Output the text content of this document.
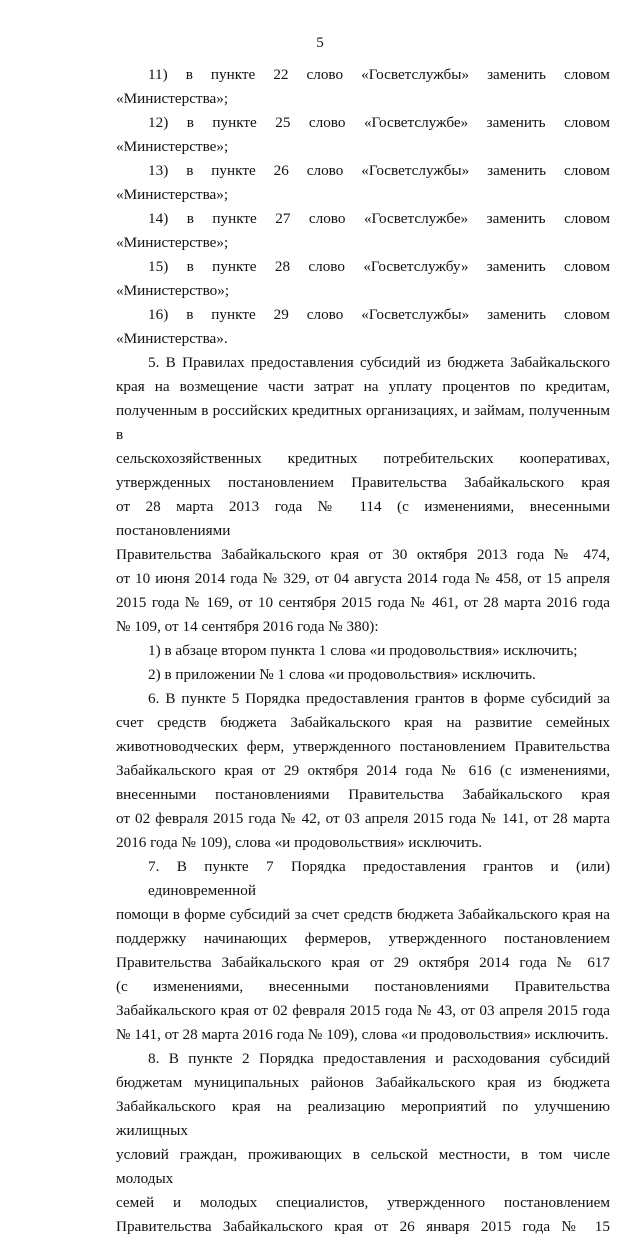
5
11) в пункте 22 слово «Госветслужбы» заменить словом
«Министерства»;
12) в пункте 25 слово «Госветслужбе» заменить словом
«Министерстве»;
13) в пункте 26 слово «Госветслужбы» заменить словом
«Министерства»;
14) в пункте 27 слово «Госветслужбе» заменить словом
«Министерстве»;
15) в пункте 28 слово «Госветслужбу» заменить словом
«Министерство»;
16) в пункте 29 слово «Госветслужбы» заменить словом
«Министерства».
5. В Правилах предоставления субсидий из бюджета Забайкальского
края на возмещение части затрат на уплату процентов по кредитам,
полученным в российских кредитных организациях, и займам, полученным в
сельскохозяйственных кредитных потребительских кооперативах,
утвержденных постановлением Правительства Забайкальского края
от 28 марта 2013 года № 114 (с изменениями, внесенными постановлениями
Правительства Забайкальского края от 30 октября 2013 года № 474,
от 10 июня 2014 года № 329, от 04 августа 2014 года № 458, от 15 апреля
2015 года № 169, от 10 сентября 2015 года № 461, от 28 марта 2016 года
№ 109, от 14 сентября 2016 года № 380):
1) в абзаце втором пункта 1 слова «и продовольствия» исключить;
2) в приложении № 1 слова «и продовольствия» исключить.
6. В пункте 5 Порядка предоставления грантов в форме субсидий за
счет средств бюджета Забайкальского края на развитие семейных
животноводческих ферм, утвержденного постановлением Правительства
Забайкальского края от 29 октября 2014 года № 616 (с изменениями,
внесенными постановлениями Правительства Забайкальского края
от 02 февраля 2015 года № 42, от 03 апреля 2015 года № 141, от 28 марта
2016 года № 109), слова «и продовольствия» исключить.
7. В пункте 7 Порядка предоставления грантов и (или) единовременной
помощи в форме субсидий за счет средств бюджета Забайкальского края на
поддержку начинающих фермеров, утвержденного постановлением
Правительства Забайкальского края от 29 октября 2014 года № 617
(с изменениями, внесенными постановлениями Правительства
Забайкальского края от 02 февраля 2015 года № 43, от 03 апреля 2015 года
№ 141, от 28 марта 2016 года № 109), слова «и продовольствия» исключить.
8. В пункте 2 Порядка предоставления и расходования субсидий
бюджетам муниципальных районов Забайкальского края из бюджета
Забайкальского края на реализацию мероприятий по улучшению жилищных
условий граждан, проживающих в сельской местности, в том числе молодых
семей и молодых специалистов, утвержденного постановлением
Правительства Забайкальского края от 26 января 2015 года № 15
